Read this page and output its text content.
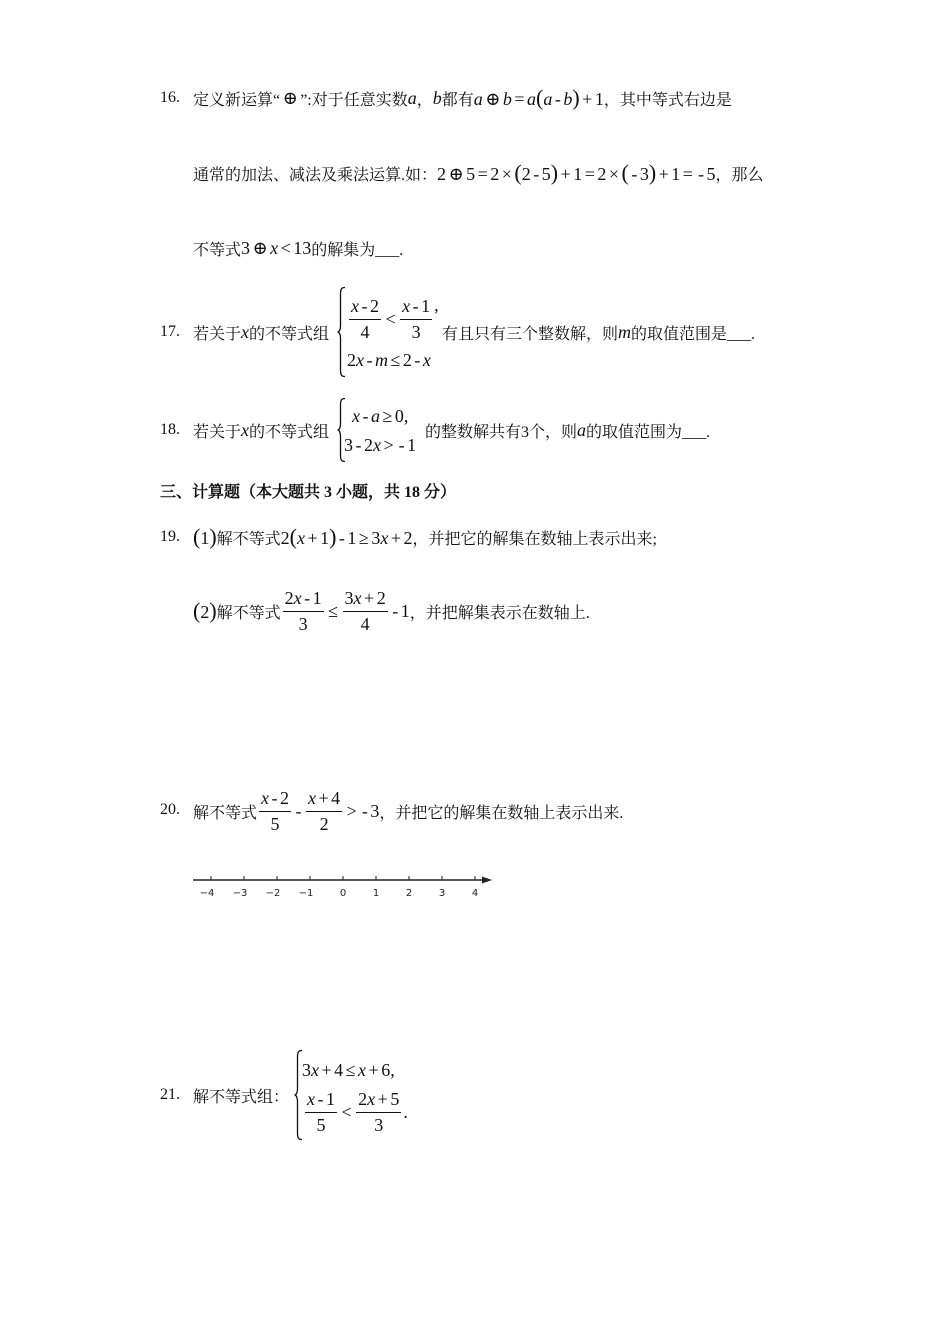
16. 定义新运算“ ⊕ ”:对于任意实数 a ， b 都有 a ⊕ b = a(a - b) + 1 ，其中等式右边是
通常的加法、减法及乘法运算.如： 2 ⊕ 5 = 2 × (2 - 5) + 1 = 2 × ( - 3) + 1 = - 5 ，那么
不等式 3 ⊕ x < 13 的解集为___.
17. 若关于 x 的不等式组 $\frac{x - 2}{4} < \frac{x - 1}{3}$ ,
2x - m ≤ 2 - x
有且只有三个整数解，则 m 的取值范围是___.
18. 若关于 x 的不等式组
x - a ≥ 0,
3 - 2x > - 1
的整数解共有3个，则 a 的取值范围为___.
三、计算题（本大题共 3 小题，共 18 分）
19. (1) 解不等式 2(x + 1) - 1 ≥ 3x + 2 ，并把它的解集在数轴上表示出来;
(2) 解不等式 $\frac{2x - 1}{3} \le \frac{3x + 2}{4} - 1$ ，并把解集表示在数轴上.
20. 解不等式 $\frac{x - 2}{5} - \frac{x + 4}{2}$ > - 3 ，并把它的解集在数轴上表示出来.
−4 −3 −2 −1	0	1	2	3	4
21. 解不等式组：
3x + 4 ≤ x + 6,
$\frac{x - 1}{5} < \frac{2x + 5}{3}$ .
